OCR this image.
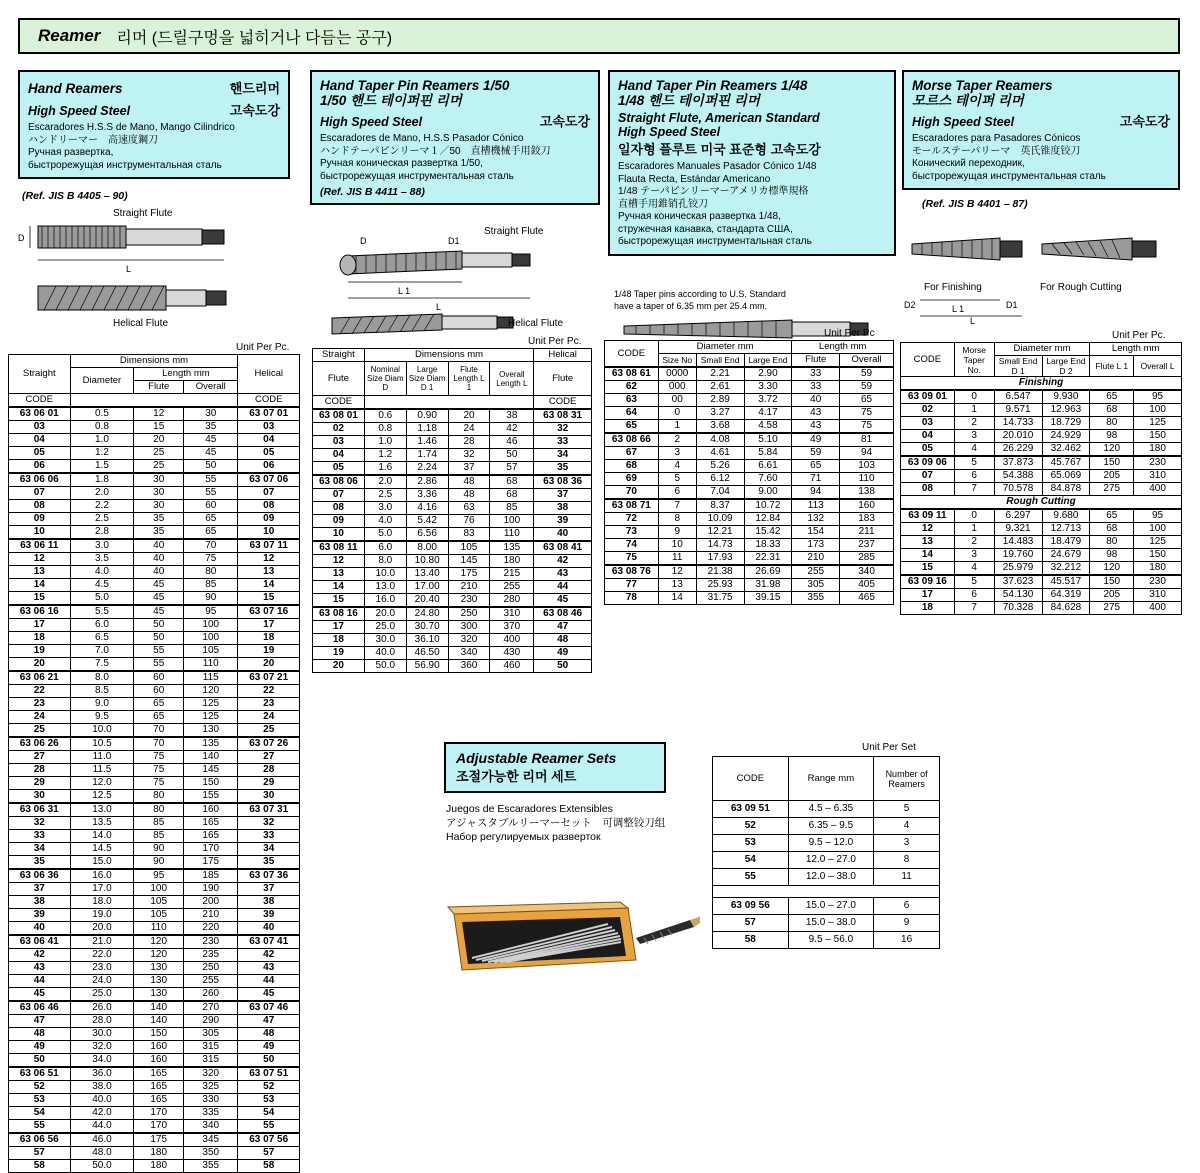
Reamer 리머 (드릴구멍을 넓히거나 다듬는 공구)
Hand Reamers	핸드리머
High Speed Steel	고속도강
Escaradores H.S.S de Mano, Mango Cilindrico
ハンドリーマー　高速度鋼刀
Ручная развертка,
быстрорежущая инструментальная сталь
(Ref. JIS B 4405 – 90)
Straight Flute
D
L
Helical Flute
Unit Per Pc.
Straight	Dimensions mm			Helical
	Diameter	Length mm		
		Flute	Overall	
CODE				CODE
63 06 01	0.5	12	30	63 07 01
03	0.8	15	35	03
04	1.0	20	45	04
05	1.2	25	45	05
06	1.5	25	50	06
63 06 06	1.8	30	55	63 07 06
07	2.0	30	55	07
08	2.2	30	60	08
09	2.5	35	65	09
10	2.8	35	65	10
63 06 11	3.0	40	70	63 07 11
12	3.5	40	75	12
13	4.0	40	80	13
14	4.5	45	85	14
15	5.0	45	90	15
63 06 16	5.5	45	95	63 07 16
17	6.0	50	100	17
18	6.5	50	100	18
19	7.0	55	105	19
20	7.5	55	110	20
63 06 21	8.0	60	115	63 07 21
22	8.5	60	120	22
23	9.0	65	125	23
24	9.5	65	125	24
25	10.0	70	130	25
63 06 26	10.5	70	135	63 07 26
27	11.0	75	140	27
28	11.5	75	145	28
29	12.0	75	150	29
30	12.5	80	155	30
63 06 31	13.0	80	160	63 07 31
32	13.5	85	165	32
33	14.0	85	165	33
34	14.5	90	170	34
35	15.0	90	175	35
63 06 36	16.0	95	185	63 07 36
37	17.0	100	190	37
38	18.0	105	200	38
39	19.0	105	210	39
40	20.0	110	220	40
63 06 41	21.0	120	230	63 07 41
42	22.0	120	235	42
43	23.0	130	250	43
44	24.0	130	255	44
45	25.0	130	260	45
63 06 46	26.0	140	270	63 07 46
47	28.0	140	290	47
48	30.0	150	305	48
49	32.0	160	315	49
50	34.0	160	315	50
63 06 51	36.0	165	320	63 07 51
52	38.0	165	325	52
53	40.0	165	330	53
54	42.0	170	335	54
55	44.0	170	340	55
63 06 56	46.0	175	345	63 07 56
57	48.0	180	350	57
58	50.0	180	355	58
Hand Taper Pin Reamers 1/50
1/50 핸드 테이퍼핀 리머
High Speed Steel	고속도강
Escaradores de Mano, H.S.S Pasador Cónico
ハンドテーパピンリーマ１／50　直槽機械手用鉸刀
Ручная коническая развертка 1/50,
быстрорежущая инструментальная сталь
(Ref. JIS B 4411 – 88)
Straight Flute
D	D1
L 1
L
Helical Flute
Unit Per Pc.
Straight	Dimensions mm				Helical
	Nominal Size Diam D	Large Size Diam D 1	Flute Length L 1	Overall Length L	
Flute					Flute
CODE					CODE
63 08 01	0.6	0.90	20	38	63 08 31
02	0.8	1.18	24	42	32
03	1.0	1.46	28	46	33
04	1.2	1.74	32	50	34
05	1.6	2.24	37	57	35
63 08 06	2.0	2.86	48	68	63 08 36
07	2.5	3.36	48	68	37
08	3.0	4.16	63	85	38
09	4.0	5.42	76	100	39
10	5.0	6.56	83	110	40
63 08 11	6.0	8.00	105	135	63 08 41
12	8.0	10.80	145	180	42
13	10.0	13.40	175	215	43
14	13.0	17.00	210	255	44
15	16.0	20.40	230	280	45
63 08 16	20.0	24.80	250	310	63 08 46
17	25.0	30.70	300	370	47
18	30.0	36.10	320	400	48
19	40.0	46.50	340	430	49
20	50.0	56.90	360	460	50
Hand Taper Pin Reamers 1/48
1/48 핸드 테이퍼핀 리머
Straight Flute, American Standard
High Speed Steel
일자형 플루트 미국 표준형 고속도강
Escaradores Manuales Pasador Cónico 1/48
Flauta Recta, Estándar Americano
1/48 テーパピンリーマーアメリカ標準規格
直槽手用錐销孔铰刀
Ручная коническая развертка 1/48,
стружечная канавка, стандарта США,
быстрорежущая инструментальная сталь
1/48 Taper pins according to U.S. Standard
have a taper of 6.35 mm per 25.4 mm.
Unit Per Pc
CODE	Diameter mm			Length mm	
	Size No	Small End	Large End	Flute	Overall
63 08 61	0000	2.21	2.90	33	59
62	000	2.61	3.30	33	59
63	00	2.89	3.72	40	65
64	0	3.27	4.17	43	75
65	1	3.68	4.58	43	75
63 08 66	2	4.08	5.10	49	81
67	3	4.61	5.84	59	94
68	4	5.26	6.61	65	103
69	5	6.12	7.60	71	110
70	6	7.04	9.00	94	138
63 08 71	7	8.37	10.72	113	160
72	8	10.09	12.84	132	183
73	9	12.21	15.42	154	211
74	10	14.73	18.33	173	237
75	11	17.93	22.31	210	285
63 08 76	12	21.38	26.69	255	340
77	13	25.93	31.98	305	405
78	14	31.75	39.15	355	465
Morse Taper Reamers
모르스 테이퍼 리머
High Speed Steel	고속도강
Escaradores para Pasadores Cónicos
モールステーパリーマ　英氏锥度铰刀
Конический переходник,
быстрорежущая инструментальная сталь
(Ref. JIS B 4401 – 87)
For Finishing	For Rough Cutting
D2	D1
L 1
L
Unit Per Pc.
CODE	Morse Taper No.	Diameter mm		Length mm	
		Small End D 1	Large End D 2	Flute L 1	Overall L
Finishing					
63 09 01	0	6.547	9.930	65	95
02	1	9.571	12.963	68	100
03	2	14.733	18.729	80	125
04	3	20.010	24.929	98	150
05	4	26.229	32.462	120	180
63 09 06	5	37.873	45.767	150	230
07	6	54.388	65.069	205	310
08	7	70.578	84.878	275	400
Rough Cutting					
63 09 11	0	6.297	9.680	65	95
12	1	9.321	12.713	68	100
13	2	14.483	18.479	80	125
14	3	19.760	24.679	98	150
15	4	25.979	32.212	120	180
63 09 16	5	37.623	45.517	150	230
17	6	54.130	64.319	205	310
18	7	70.328	84.628	275	400
Adjustable Reamer Sets
조절가능한 리머 세트
Juegos de Escaradores Extensibles
アジャスタブルリーマーセット　可调整铰刀组
Набор регулируемых разверток
Unit Per Set
CODE	Range mm	Number of Reamers
63 09 51	4.5 – 6.35	5
52	6.35 – 9.5	4
53	9.5 – 12.0	3
54	12.0 – 27.0	8
55	12.0 – 38.0	11

63 09 56	15.0 – 27.0	6
57	15.0 – 38.0	9
58	9.5 – 56.0	16
